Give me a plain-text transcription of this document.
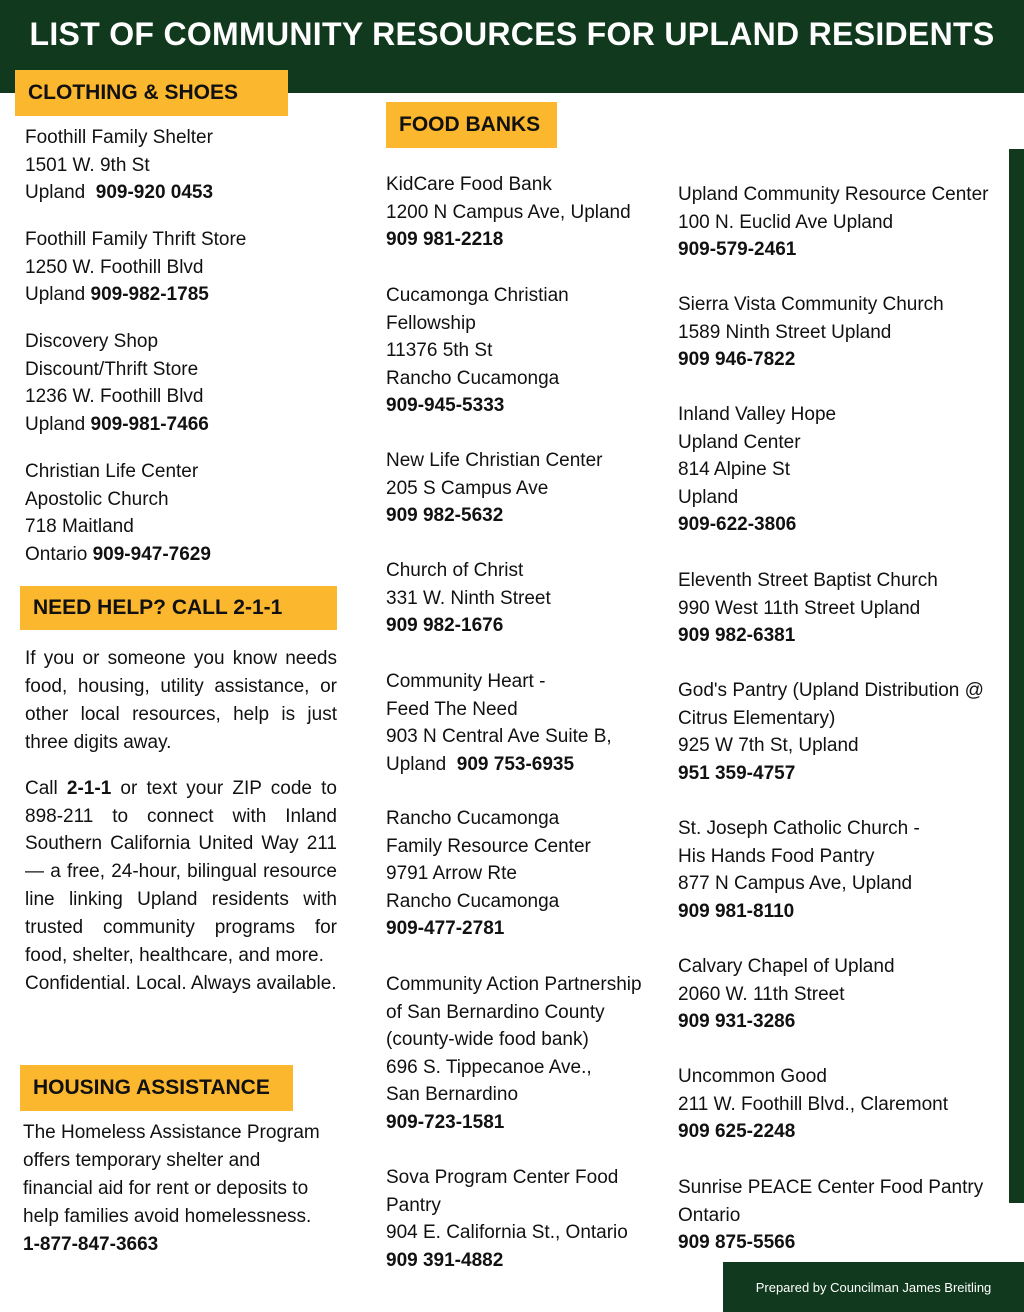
LIST OF COMMUNITY RESOURCES FOR UPLAND RESIDENTS
CLOTHING & SHOES
Foothill Family Shelter
1501 W. 9th St
Upland 909-920 0453
Foothill Family Thrift Store
1250 W. Foothill Blvd
Upland 909-982-1785
Discovery Shop
Discount/Thrift Store
1236 W. Foothill Blvd
Upland 909-981-7466
Christian Life Center
Apostolic Church
718 Maitland
Ontario 909-947-7629
NEED HELP? CALL 2-1-1

If you or someone you know needs food, housing, utility assistance, or other local resources, help is just three digits away.

Call 2-1-1 or text your ZIP code to 898-211 to connect with Inland Southern California United Way 211 — a free, 24-hour, bilingual resource line linking Upland residents with trusted community programs for food, shelter, healthcare, and more.

Confidential. Local. Always available.

HOUSING ASSISTANCE

The Homeless Assistance Program offers temporary shelter and financial aid for rent or deposits to help families avoid homelessness.

1-877-847-3663

FOOD BANKS
KidCare Food Bank
1200 N Campus Ave, Upland
909 981-2218
Cucamonga Christian
Fellowship
11376 5th St
Rancho Cucamonga
909-945-5333
New Life Christian Center
205 S Campus Ave
909 982-5632
Church of Christ
331 W. Ninth Street
909 982-1676
Community Heart -
Feed The Need
903 N Central Ave Suite B,
Upland 909 753-6935
Rancho Cucamonga
Family Resource Center
9791 Arrow Rte
Rancho Cucamonga
909-477-2781
Community Action Partnership
of San Bernardino County
(county-wide food bank)
696 S. Tippecanoe Ave.,
San Bernardino
909-723-1581
Sova Program Center Food
Pantry
904 E. California St., Ontario
909 391-4882
Upland Community Resource Center
100 N. Euclid Ave Upland
909-579-2461
Sierra Vista Community Church
1589 Ninth Street Upland
909 946-7822
Inland Valley Hope
Upland Center
814 Alpine St
Upland
909-622-3806
Eleventh Street Baptist Church
990 West 11th Street Upland
909 982-6381
God's Pantry (Upland Distribution @
Citrus Elementary)
925 W 7th St, Upland
951 359-4757
St. Joseph Catholic Church -
His Hands Food Pantry
877 N Campus Ave, Upland
909 981-8110
Calvary Chapel of Upland
2060 W. 11th Street
909 931-3286
Uncommon Good
211 W. Foothill Blvd., Claremont
909 625-2248
Sunrise PEACE Center Food Pantry
Ontario
909 875-5566
Prepared by Councilman James Breitling
